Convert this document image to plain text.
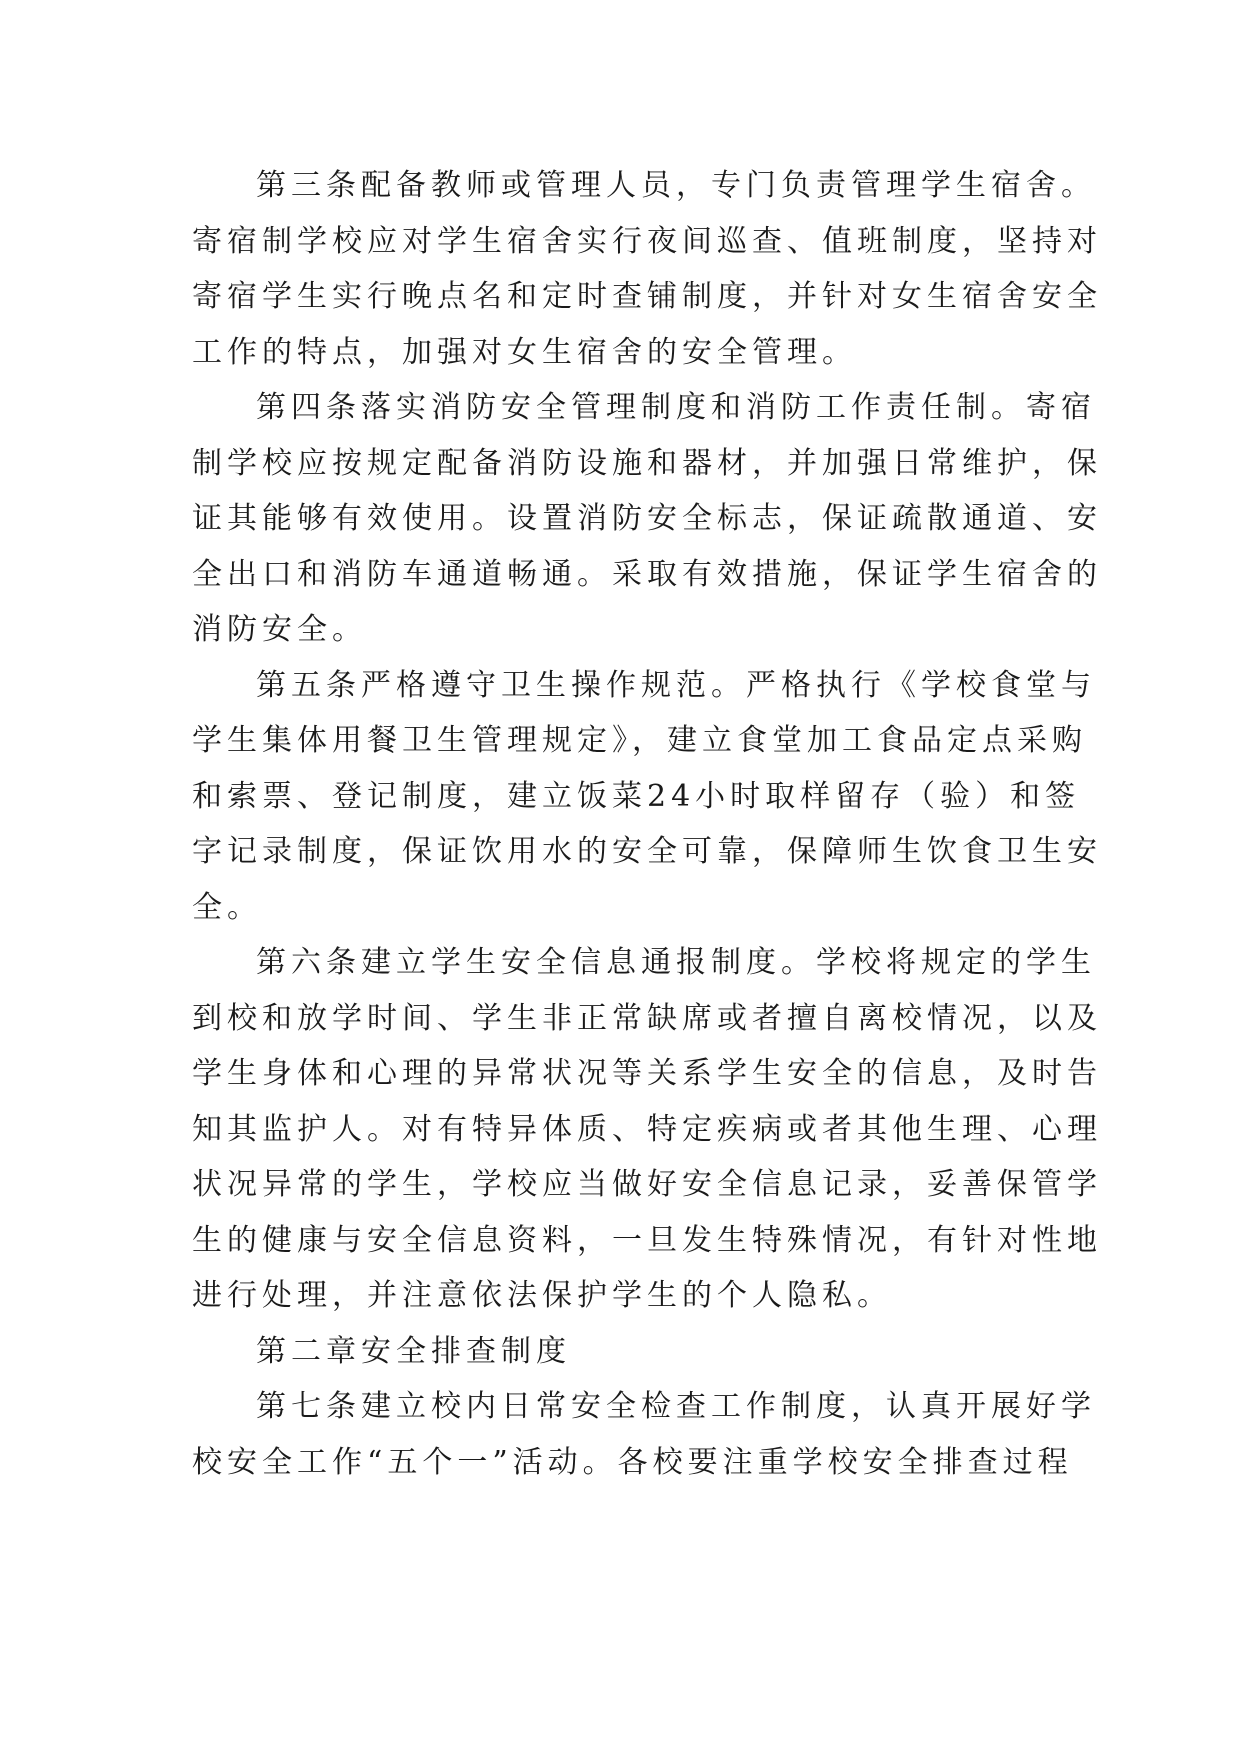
第三条配备教师或管理人员，专门负责管理学生宿舍。
寄宿制学校应对学生宿舍实行夜间巡查、值班制度，坚持对
寄宿学生实行晚点名和定时查铺制度，并针对女生宿舍安全
工作的特点，加强对女生宿舍的安全管理。

第四条落实消防安全管理制度和消防工作责任制。寄宿
制学校应按规定配备消防设施和器材，并加强日常维护，保
证其能够有效使用。设置消防安全标志，保证疏散通道、安
全出口和消防车通道畅通。采取有效措施，保证学生宿舍的
消防安全。

第五条严格遵守卫生操作规范。严格执行《学校食堂与
学生集体用餐卫生管理规定》，建立食堂加工食品定点采购
和索票、登记制度，建立饭菜24小时取样留存（验）和签
字记录制度，保证饮用水的安全可靠，保障师生饮食卫生安
全。

第六条建立学生安全信息通报制度。学校将规定的学生
到校和放学时间、学生非正常缺席或者擅自离校情况，以及
学生身体和心理的异常状况等关系学生安全的信息，及时告
知其监护人。对有特异体质、特定疾病或者其他生理、心理
状况异常的学生，学校应当做好安全信息记录，妥善保管学
生的健康与安全信息资料，一旦发生特殊情况，有针对性地
进行处理，并注意依法保护学生的个人隐私。

第二章安全排查制度

第七条建立校内日常安全检查工作制度，认真开展好学
校安全工作“五个一”活动。各校要注重学校安全排查过程
